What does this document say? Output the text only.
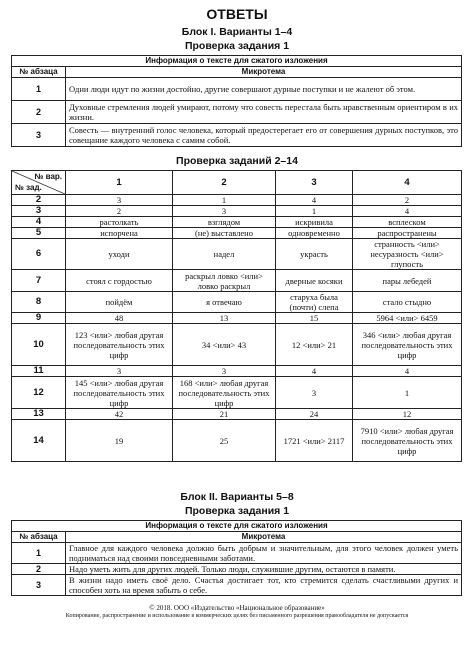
ОТВЕТЫ
Блок I. Варианты 1–4
Проверка задания 1
Информация о тексте для сжатого изложения	
№ абзаца	Микротема
1	Одни люди идут по жизни достойно, другие совершают дурные поступки и не жалеют об этом.
2	Духовные стремления людей умирают, потому что совесть перестала быть нравственным ориентиром в их жизни.
3	Совесть — внутренний голос человека, который предостерегает его от совершения дурных поступков, это совещание каждого человека с самим собой.
Проверка заданий 2–14
№ вар.
№ зад.	1	2	3	4
2	3	1	4	2
3	2	3	1	4
4	растолкать	взглядом	искривила	всплеском
5	испорчена	(не) выставлено	одновременно	распространены
6	уходи	надел	украсть	странность <или> несуразность <или> глупость
7	стоял с гордостью	раскрыл ловко <или> ловко раскрыл	дверные косяки	пары лебедей
8	пойдём	я отвечаю	старуха была (почти) слепа	стало стыдно
9	48	13	15	5964 <или> 6459
10	123 <или> любая другая последовательность этих цифр	34 <или> 43	12 <или> 21	346 <или> любая другая последовательность этих цифр
11	3	3	4	4
12	145 <или> любая другая последовательность этих цифр	168 <или> любая другая последовательность этих цифр	3	1
13	42	21	24	12
14	19	25	1721 <или> 2117	7910 <или> любая другая последовательность этих цифр
Блок II. Варианты 5–8
Проверка задания 1
Информация о тексте для сжатого изложения	
№ абзаца	Микротема
1	Главное для каждого человека должно быть добрым и значительным, для этого человек должен уметь подниматься над своими повседневными заботами.
2	Надо уметь жить для других людей. Только люди, служившие другим, остаются в памяти.
3	В жизни надо иметь своё дело. Счастья достигает тот, кто стремится сделать счастливыми других и способен хоть на время забыть о себе.
© 2018. ООО «Издательство «Национальное образование»
Копирование, распространение и использование в коммерческих целях без письменного разрешения правообладателя не допускается
